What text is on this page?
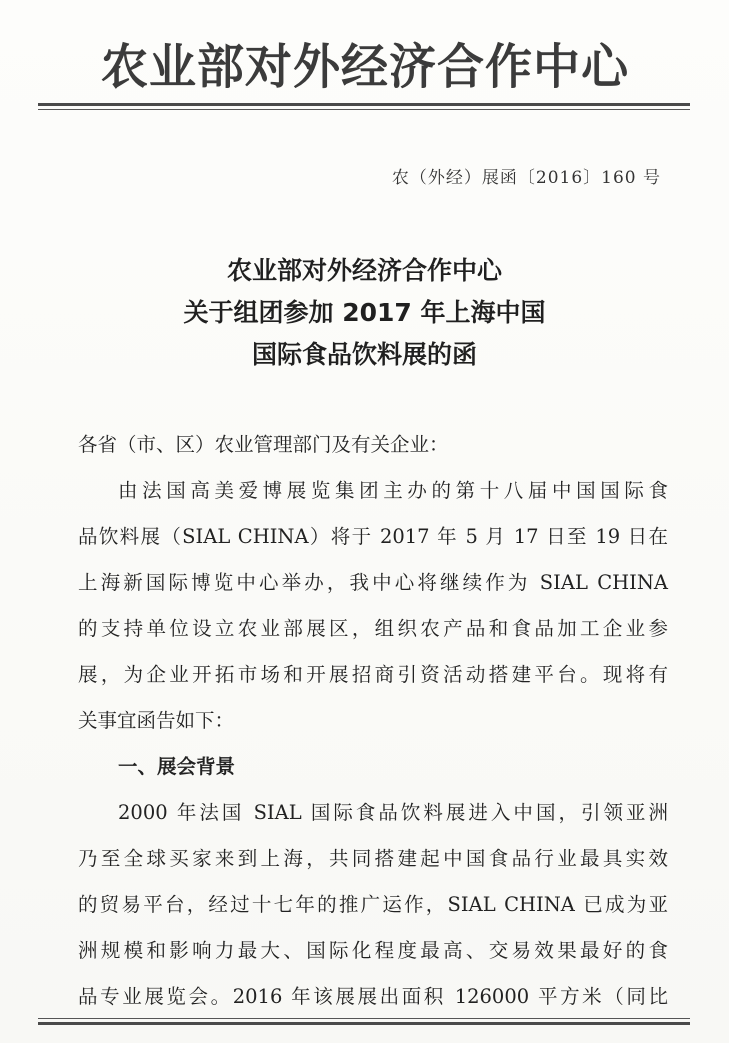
农业部对外经济合作中心
农（外经）展函〔2016〕160 号
农业部对外经济合作中心
关于组团参加 2017 年上海中国
国际食品饮料展的函
各省（市、区）农业管理部门及有关企业：
由法国高美爱博展览集团主办的第十八届中国国际食
品饮料展（SIAL CHINA）将于 2017 年 5 月 17 日至 19 日在
上海新国际博览中心举办，我中心将继续作为 SIAL CHINA
的支持单位设立农业部展区，组织农产品和食品加工企业参
展，为企业开拓市场和开展招商引资活动搭建平台。现将有
关事宜函告如下：
一、展会背景
2000 年法国 SIAL 国际食品饮料展进入中国，引领亚洲
乃至全球买家来到上海，共同搭建起中国食品行业最具实效
的贸易平台，经过十七年的推广运作，SIAL CHINA 已成为亚
洲规模和影响力最大、国际化程度最高、交易效果最好的食
品专业展览会。2016 年该展展出面积 126000 平方米（同比
